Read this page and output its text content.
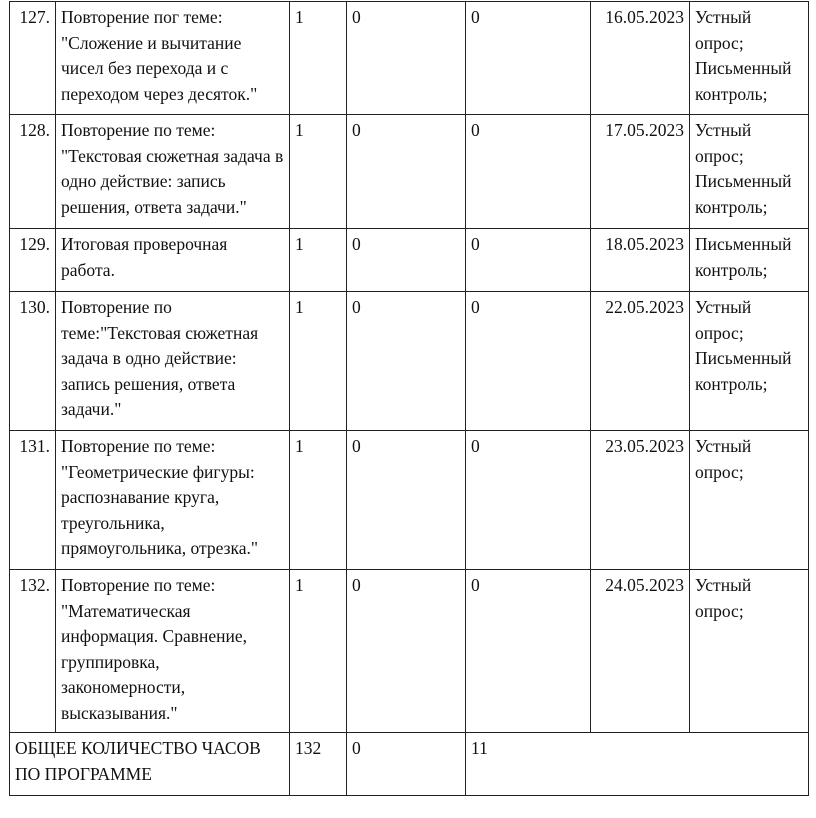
127.	Повторение пог теме: "Сложение и вычитание чисел без перехода и с переходом через десяток."	1	0	0	16.05.2023	Устный опрос; Письменный контроль;
128.	Повторение по теме: "Текстовая сюжетная задача в одно действие: запись решения, ответа задачи."	1	0	0	17.05.2023	Устный опрос; Письменный контроль;
129.	Итоговая проверочная работа.	1	0	0	18.05.2023	Письменный контроль;
130.	Повторение по теме:"Текстовая сюжетная задача в одно действие: запись решения, ответа задачи."	1	0	0	22.05.2023	Устный опрос; Письменный контроль;
131.	Повторение по теме: "Геометрические фигуры: распознавание круга, треугольника, прямоугольника, отрезка."	1	0	0	23.05.2023	Устный опрос;
132.	Повторение по теме: "Математическая информация. Сравнение, группировка, закономерности, высказывания."	1	0	0	24.05.2023	Устный опрос;
ОБЩЕЕ КОЛИЧЕСТВО ЧАСОВ ПО ПРОГРАММЕ		132	0	11		
